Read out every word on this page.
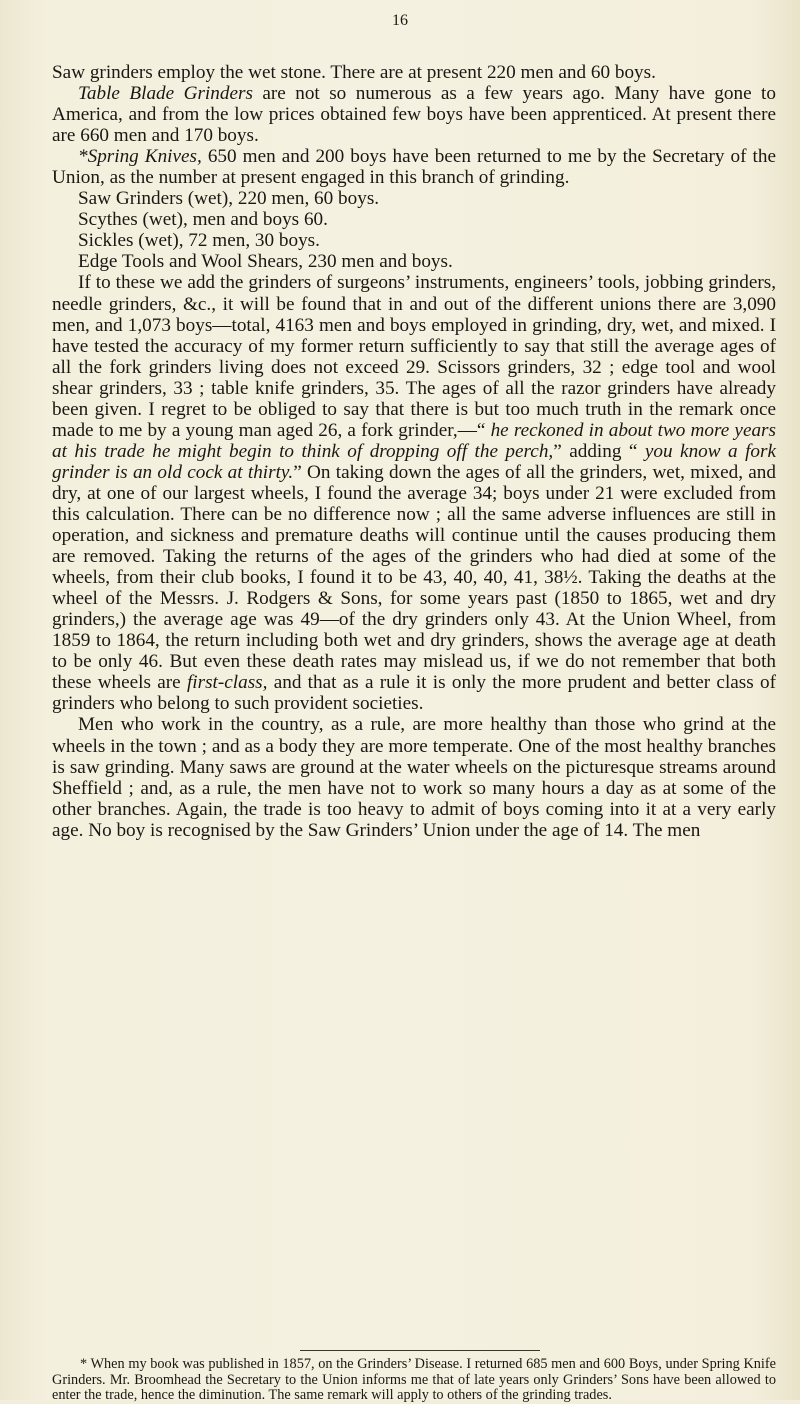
16

Saw grinders employ the wet stone. There are at present 220 men and 60 boys.

Table Blade Grinders are not so numerous as a few years ago. Many have gone to America, and from the low prices obtained few boys have been apprenticed. At present there are 660 men and 170 boys.

*Spring Knives, 650 men and 200 boys have been returned to me by the Secretary of the Union, as the number at present engaged in this branch of grinding.

Saw Grinders (wet), 220 men, 60 boys.

Scythes (wet), men and boys 60.

Sickles (wet), 72 men, 30 boys.

Edge Tools and Wool Shears, 230 men and boys.

If to these we add the grinders of surgeons’ instruments, engineers’ tools, jobbing grinders, needle grinders, &c., it will be found that in and out of the different unions there are 3,090 men, and 1,073 boys—total, 4163 men and boys employed in grinding, dry, wet, and mixed. I have tested the accuracy of my former return sufficiently to say that still the average ages of all the fork grinders living does not exceed 29. Scissors grinders, 32 ; edge tool and wool shear grinders, 33 ; table knife grinders, 35. The ages of all the razor grinders have already been given. I regret to be obliged to say that there is but too much truth in the remark once made to me by a young man aged 26, a fork grinder,—“ he reckoned in about two more years at his trade he might begin to think of dropping off the perch,” adding “ you know a fork grinder is an old cock at thirty.” On taking down the ages of all the grinders, wet, mixed, and dry, at one of our largest wheels, I found the average 34; boys under 21 were excluded from this calculation. There can be no difference now ; all the same adverse influences are still in operation, and sickness and premature deaths will continue until the causes producing them are removed. Taking the returns of the ages of the grinders who had died at some of the wheels, from their club books, I found it to be 43, 40, 40, 41, 38½. Taking the deaths at the wheel of the Messrs. J. Rodgers & Sons, for some years past (1850 to 1865, wet and dry grinders,) the average age was 49—of the dry grinders only 43. At the Union Wheel, from 1859 to 1864, the return including both wet and dry grinders, shows the average age at death to be only 46. But even these death rates may mislead us, if we do not remember that both these wheels are first-class, and that as a rule it is only the more prudent and better class of grinders who belong to such provident societies.

Men who work in the country, as a rule, are more healthy than those who grind at the wheels in the town ; and as a body they are more temperate. One of the most healthy branches is saw grinding. Many saws are ground at the water wheels on the picturesque streams around Sheffield ; and, as a rule, the men have not to work so many hours a day as at some of the other branches. Again, the trade is too heavy to admit of boys coming into it at a very early age. No boy is recognised by the Saw Grinders’ Union under the age of 14. The men

* When my book was published in 1857, on the Grinders’ Disease. I returned 685 men and 600 Boys, under Spring Knife Grinders. Mr. Broomhead the Secretary to the Union informs me that of late years only Grinders’ Sons have been allowed to enter the trade, hence the diminution. The same remark will apply to others of the grinding trades.
